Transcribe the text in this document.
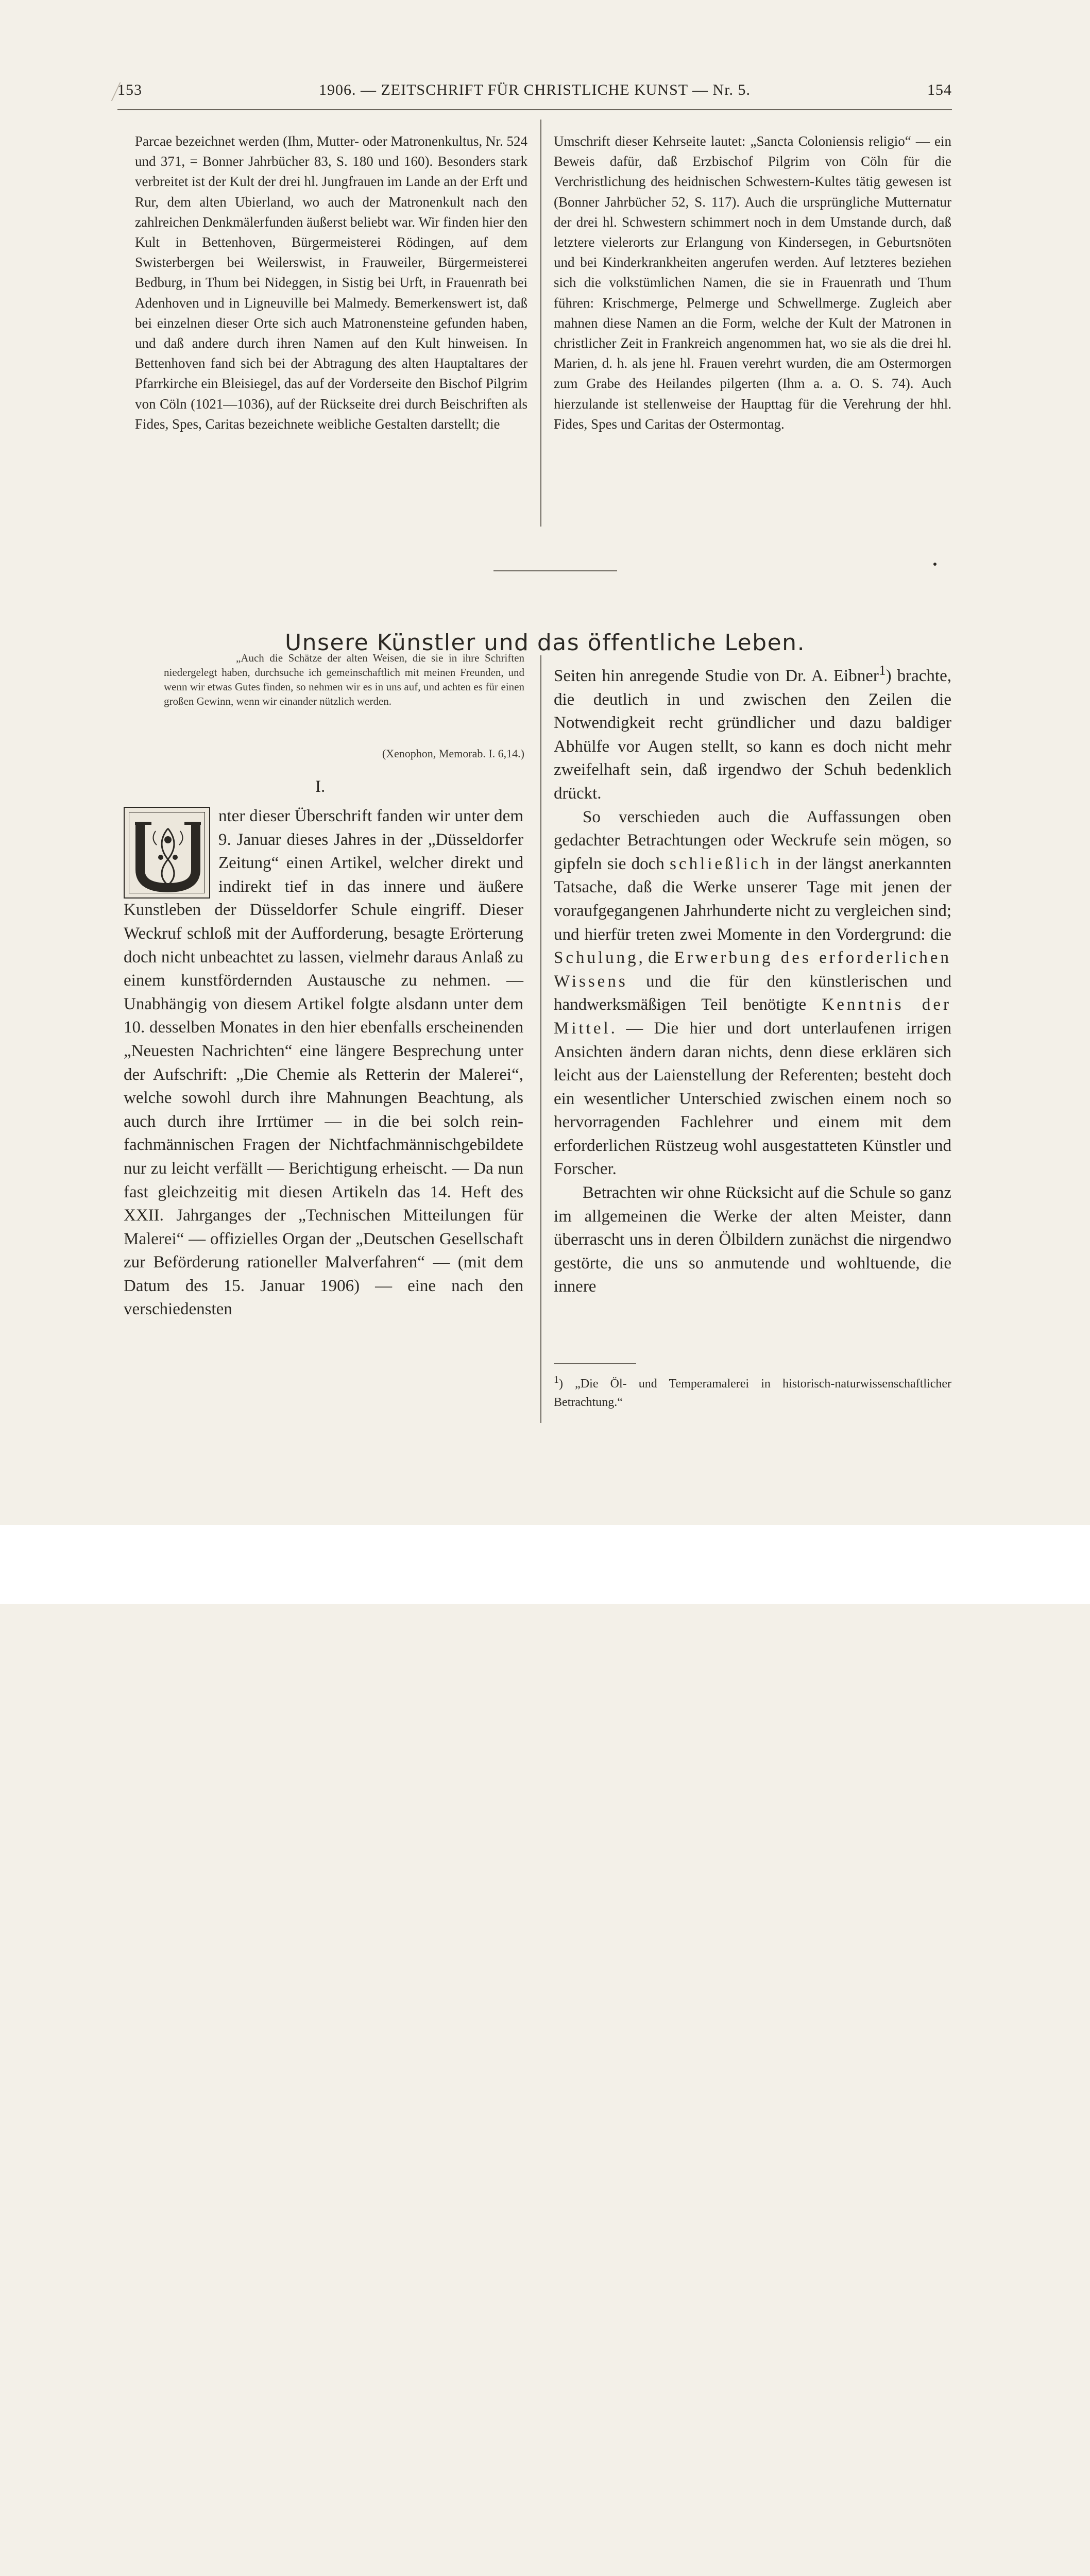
153	1906. — ZEITSCHRIFT FÜR CHRISTLICHE KUNST — Nr. 5.	154

Parcae bezeichnet werden (Ihm, Mutter- oder Matronenkultus, Nr. 524 und 371, = Bonner Jahrbücher 83, S. 180 und 160). Besonders stark verbreitet ist der Kult der drei hl. Jungfrauen im Lande an der Erft und Rur, dem alten Ubierland, wo auch der Matronenkult nach den zahlreichen Denkmälerfunden äußerst beliebt war. Wir finden hier den Kult in Bettenhoven, Bürgermeisterei Rödingen, auf dem Swisterbergen bei Weilerswist, in Frauweiler, Bürgermeisterei Bedburg, in Thum bei Nideggen, in Sistig bei Urft, in Frauenrath bei Adenhoven und in Ligneuville bei Malmedy. Bemerkenswert ist, daß bei einzelnen dieser Orte sich auch Matronensteine gefunden haben, und daß andere durch ihren Namen auf den Kult hinweisen. In Bettenhoven fand sich bei der Abtragung des alten Hauptaltares der Pfarrkirche ein Bleisiegel, das auf der Vorderseite den Bischof Pilgrim von Cöln (1021—1036), auf der Rückseite drei durch Beischriften als Fides, Spes, Caritas bezeichnete weibliche Gestalten darstellt; die

Umschrift dieser Kehrseite lautet: „Sancta Coloniensis religio“ — ein Beweis dafür, daß Erzbischof Pilgrim von Cöln für die Verchristlichung des heidnischen Schwestern-Kultes tätig gewesen ist (Bonner Jahrbücher 52, S. 117). Auch die ursprüngliche Mutternatur der drei hl. Schwestern schimmert noch in dem Umstande durch, daß letztere vielerorts zur Erlangung von Kindersegen, in Geburtsnöten und bei Kinderkrankheiten angerufen werden. Auf letzteres beziehen sich die volkstümlichen Namen, die sie in Frauenrath und Thum führen: Krischmerge, Pelmerge und Schwellmerge. Zugleich aber mahnen diese Namen an die Form, welche der Kult der Matronen in christlicher Zeit in Frankreich angenommen hat, wo sie als die drei hl. Marien, d. h. als jene hl. Frauen verehrt wurden, die am Ostermorgen zum Grabe des Heilandes pilgerten (Ihm a. a. O. S. 74). Auch hierzulande ist stellenweise der Haupttag für die Verehrung der hhl. Fides, Spes und Caritas der Ostermontag.

Unsere Künstler und das öffentliche Leben.
„Auch die Schätze der alten Weisen, die sie in ihre Schriften niedergelegt haben, durchsuche ich gemeinschaftlich mit meinen Freunden, und wenn wir etwas Gutes finden, so nehmen wir es in uns auf, und achten es für einen großen Gewinn, wenn wir einander nützlich werden.
(Xenophon, Memorab. I. 6,14.)
I.

nter dieser Überschrift fanden wir unter dem 9. Januar dieses Jahres in der „Düsseldorfer Zeitung“ einen Artikel, welcher direkt und indirekt tief in das innere und äußere Kunstleben der Düsseldorfer Schule eingriff. Dieser Weckruf schloß mit der Aufforderung, besagte Erörterung doch nicht unbeachtet zu lassen, vielmehr daraus Anlaß zu einem kunstfördernden Austausche zu nehmen. — Unabhängig von diesem Artikel folgte alsdann unter dem 10. desselben Monates in den hier ebenfalls erscheinenden „Neuesten Nachrichten“ eine längere Besprechung unter der Aufschrift: „Die Chemie als Retterin der Malerei“, welche sowohl durch ihre Mahnungen Beachtung, als auch durch ihre Irrtümer — in die bei solch rein-fachmännischen Fragen der Nichtfachmännischgebildete nur zu leicht verfällt — Berichtigung erheischt. — Da nun fast gleichzeitig mit diesen Artikeln das 14. Heft des XXII. Jahrganges der „Technischen Mitteilungen für Malerei“ — offizielles Organ der „Deutschen Gesellschaft zur Beförderung rationeller Malverfahren“ — (mit dem Datum des 15. Januar 1906) — eine nach den verschiedensten

Seiten hin anregende Studie von Dr. A. Eibner$^1$) brachte, die deutlich in und zwischen den Zeilen die Notwendigkeit recht gründlicher und dazu baldiger Abhülfe vor Augen stellt, so kann es doch nicht mehr zweifelhaft sein, daß irgendwo der Schuh bedenklich drückt.

So verschieden auch die Auffassungen oben gedachter Betrachtungen oder Weckrufe sein mögen, so gipfeln sie doch schließlich in der längst anerkannten Tatsache, daß die Werke unserer Tage mit jenen der voraufgegangenen Jahrhunderte nicht zu vergleichen sind; und hierfür treten zwei Momente in den Vordergrund: die Schulung, die Erwerbung des erforderlichen Wissens und die für den künstlerischen und handwerksmäßigen Teil benötigte Kenntnis der Mittel. — Die hier und dort unterlaufenen irrigen Ansichten ändern daran nichts, denn diese erklären sich leicht aus der Laienstellung der Referenten; besteht doch ein wesentlicher Unterschied zwischen einem noch so hervorragenden Fachlehrer und einem mit dem erforderlichen Rüstzeug wohl ausgestatteten Künstler und Forscher.

Betrachten wir ohne Rücksicht auf die Schule so ganz im allgemeinen die Werke der alten Meister, dann überrascht uns in deren Ölbildern zunächst die nirgendwo gestörte, die uns so anmutende und wohltuende, die innere

$^1$) „Die Öl- und Temperamalerei in historisch-naturwissenschaftlicher Betrachtung.“
